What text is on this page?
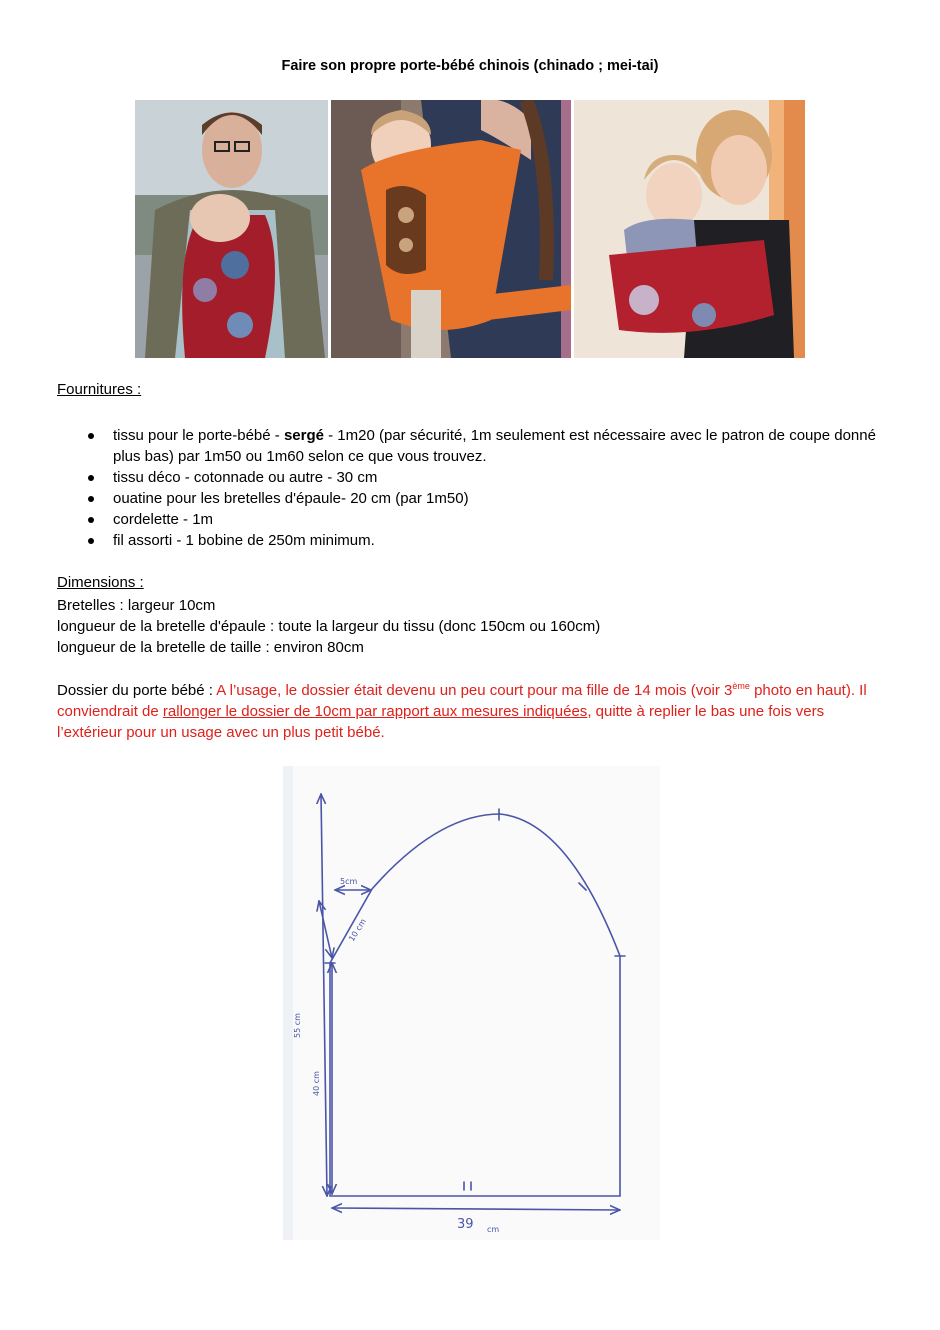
Faire son propre porte-bébé chinois (chinado ; mei-tai)
Fournitures :
tissu pour le porte-bébé - sergé - 1m20 (par sécurité, 1m seulement est nécessaire avec le patron de coupe donné plus bas) par 1m50 ou 1m60 selon ce que vous trouvez.
tissu déco - cotonnade ou autre - 30 cm
ouatine pour les bretelles d'épaule- 20 cm (par 1m50)
cordelette - 1m
fil assorti - 1 bobine de 250m minimum.
Dimensions :
Bretelles : largeur 10cm
longueur de la bretelle d'épaule : toute la largeur du tissu (donc 150cm ou 160cm)
longueur de la bretelle de taille : environ 80cm
Dossier du porte bébé : A l’usage, le dossier était devenu un peu court pour ma fille de 14 mois (voir 3ème photo en haut). Il conviendrait de rallonger le dossier de 10cm par rapport aux mesures indiquées, quitte à replier le bas une fois vers l’extérieur pour un usage avec un plus petit bébé.
5cm
10 cm
55 cm
40 cm
39 cm
